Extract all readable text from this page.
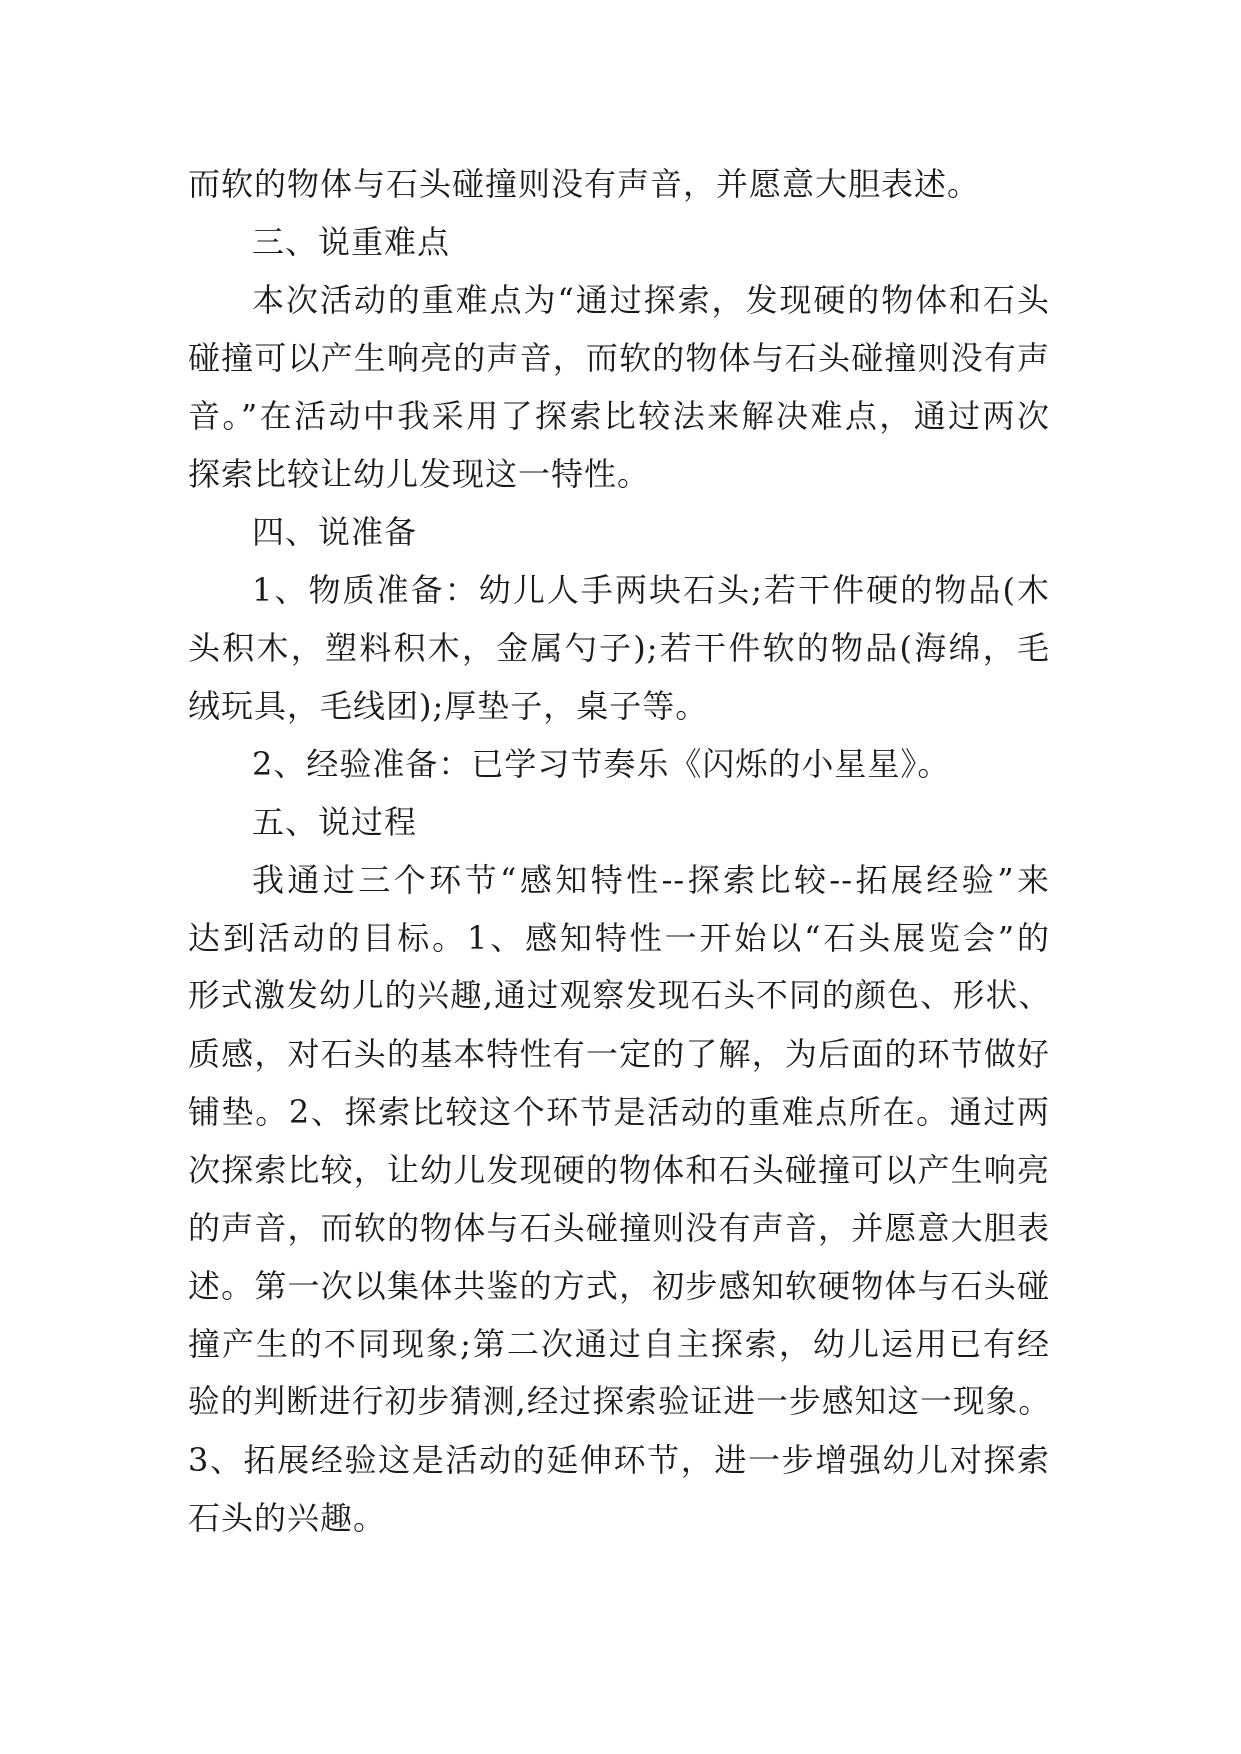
而软的物体与石头碰撞则没有声音，并愿意大胆表述。
三、说重难点
本次活动的重难点为“通过探索，发现硬的物体和石头
碰撞可以产生响亮的声音，而软的物体与石头碰撞则没有声
音。”在活动中我采用了探索比较法来解决难点，通过两次
探索比较让幼儿发现这一特性。
四、说准备
1、物质准备：幼儿人手两块石头;若干件硬的物品(木
头积木，塑料积木，金属勺子);若干件软的物品(海绵，毛
绒玩具，毛线团);厚垫子，桌子等。
2、经验准备：已学习节奏乐《闪烁的小星星》。
五、说过程
我通过三个环节“感知特性--探索比较--拓展经验”来
达到活动的目标。1、感知特性一开始以“石头展览会”的
形式激发幼儿的兴趣,通过观察发现石头不同的颜色、形状、
质感，对石头的基本特性有一定的了解，为后面的环节做好
铺垫。2、探索比较这个环节是活动的重难点所在。通过两
次探索比较，让幼儿发现硬的物体和石头碰撞可以产生响亮
的声音，而软的物体与石头碰撞则没有声音，并愿意大胆表
述。第一次以集体共鉴的方式，初步感知软硬物体与石头碰
撞产生的不同现象;第二次通过自主探索，幼儿运用已有经
验的判断进行初步猜测,经过探索验证进一步感知这一现象。
3、拓展经验这是活动的延伸环节，进一步增强幼儿对探索
石头的兴趣。
